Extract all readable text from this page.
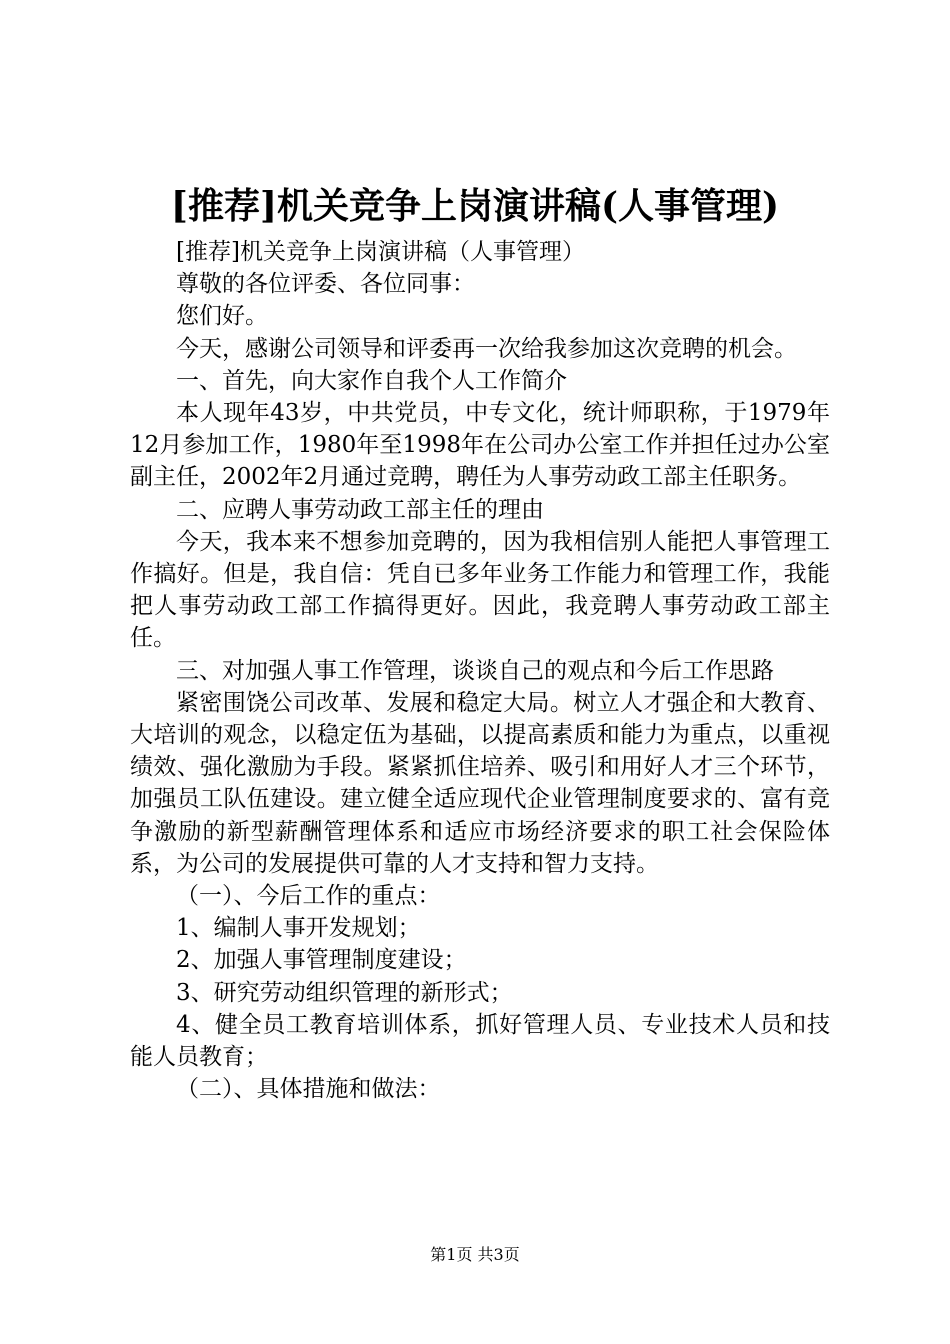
[推荐]机关竞争上岗演讲稿(人事管理)

[推荐]机关竞争上岗演讲稿（人事管理）

尊敬的各位评委、各位同事：

您们好。

今天，感谢公司领导和评委再一次给我参加这次竞聘的机会。

一、首先，向大家作自我个人工作简介

本人现年43岁，中共党员，中专文化，统计师职称，于1979年12月参加工作，1980年至1998年在公司办公室工作并担任过办公室副主任，2002年2月通过竞聘，聘任为人事劳动政工部主任职务。

二、应聘人事劳动政工部主任的理由

今天，我本来不想参加竞聘的，因为我相信别人能把人事管理工作搞好。但是，我自信：凭自已多年业务工作能力和管理工作，我能把人事劳动政工部工作搞得更好。因此，我竞聘人事劳动政工部主任。

三、对加强人事工作管理，谈谈自己的观点和今后工作思路

紧密围饶公司改革、发展和稳定大局。树立人才强企和大教育、大培训的观念，以稳定伍为基础，以提高素质和能力为重点，以重视绩效、强化激励为手段。紧紧抓住培养、吸引和用好人才三个环节，加强员工队伍建设。建立健全适应现代企业管理制度要求的、富有竞争激励的新型薪酬管理体系和适应市场经济要求的职工社会保险体系，为公司的发展提供可靠的人才支持和智力支持。

（一）、今后工作的重点：

1、编制人事开发规划；

2、加强人事管理制度建设；

3、研究劳动组织管理的新形式；

4、健全员工教育培训体系，抓好管理人员、专业技术人员和技能人员教育；

（二）、具体措施和做法：

第1页 共3页
